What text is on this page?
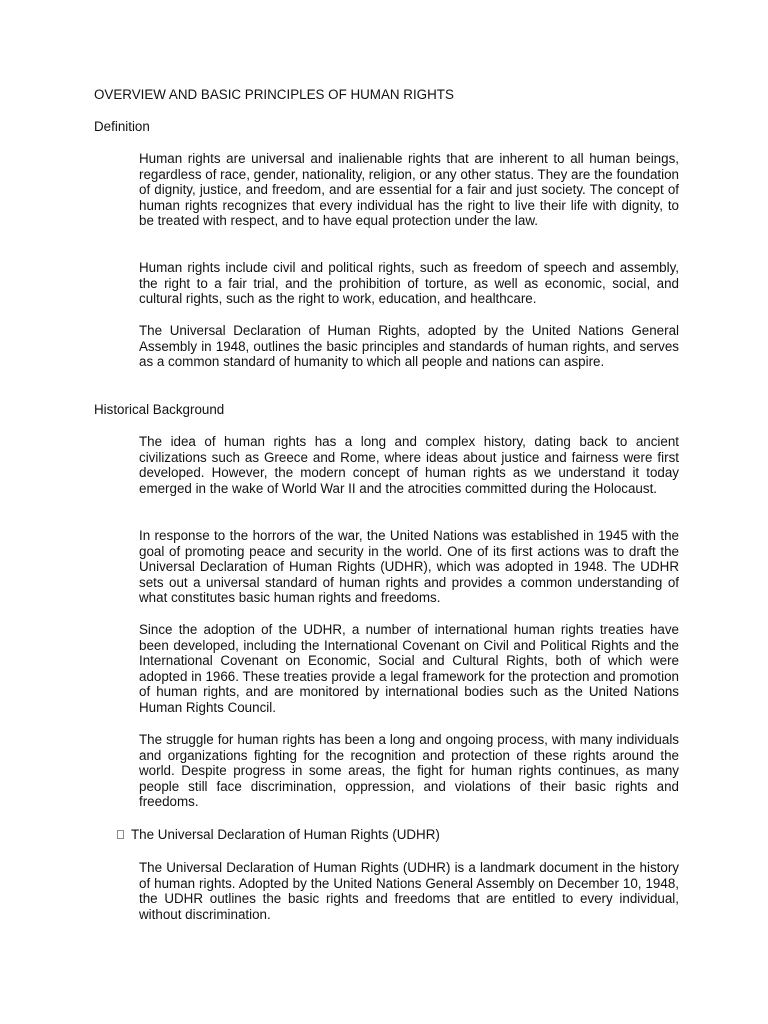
OVERVIEW AND BASIC PRINCIPLES OF HUMAN RIGHTS
Definition
Human rights are universal and inalienable rights that are inherent to all human beings, regardless of race, gender, nationality, religion, or any other status. They are the foundation of dignity, justice, and freedom, and are essential for a fair and just society. The concept of human rights recognizes that every individual has the right to live their life with dignity, to be treated with respect, and to have equal protection under the law.
Human rights include civil and political rights, such as freedom of speech and assembly, the right to a fair trial, and the prohibition of torture, as well as economic, social, and cultural rights, such as the right to work, education, and healthcare.
The Universal Declaration of Human Rights, adopted by the United Nations General Assembly in 1948, outlines the basic principles and standards of human rights, and serves as a common standard of humanity to which all people and nations can aspire.
Historical Background
The idea of human rights has a long and complex history, dating back to ancient civilizations such as Greece and Rome, where ideas about justice and fairness were first developed. However, the modern concept of human rights as we understand it today emerged in the wake of World War II and the atrocities committed during the Holocaust.
In response to the horrors of the war, the United Nations was established in 1945 with the goal of promoting peace and security in the world. One of its first actions was to draft the Universal Declaration of Human Rights (UDHR), which was adopted in 1948. The UDHR sets out a universal standard of human rights and provides a common understanding of what constitutes basic human rights and freedoms.
Since the adoption of the UDHR, a number of international human rights treaties have been developed, including the International Covenant on Civil and Political Rights and the International Covenant on Economic, Social and Cultural Rights, both of which were adopted in 1966. These treaties provide a legal framework for the protection and promotion of human rights, and are monitored by international bodies such as the United Nations Human Rights Council.
The struggle for human rights has been a long and ongoing process, with many individuals and organizations fighting for the recognition and protection of these rights around the world. Despite progress in some areas, the fight for human rights continues, as many people still face discrimination, oppression, and violations of their basic rights and freedoms.
The Universal Declaration of Human Rights (UDHR)
The Universal Declaration of Human Rights (UDHR) is a landmark document in the history of human rights. Adopted by the United Nations General Assembly on December 10, 1948, the UDHR outlines the basic rights and freedoms that are entitled to every individual, without discrimination.
